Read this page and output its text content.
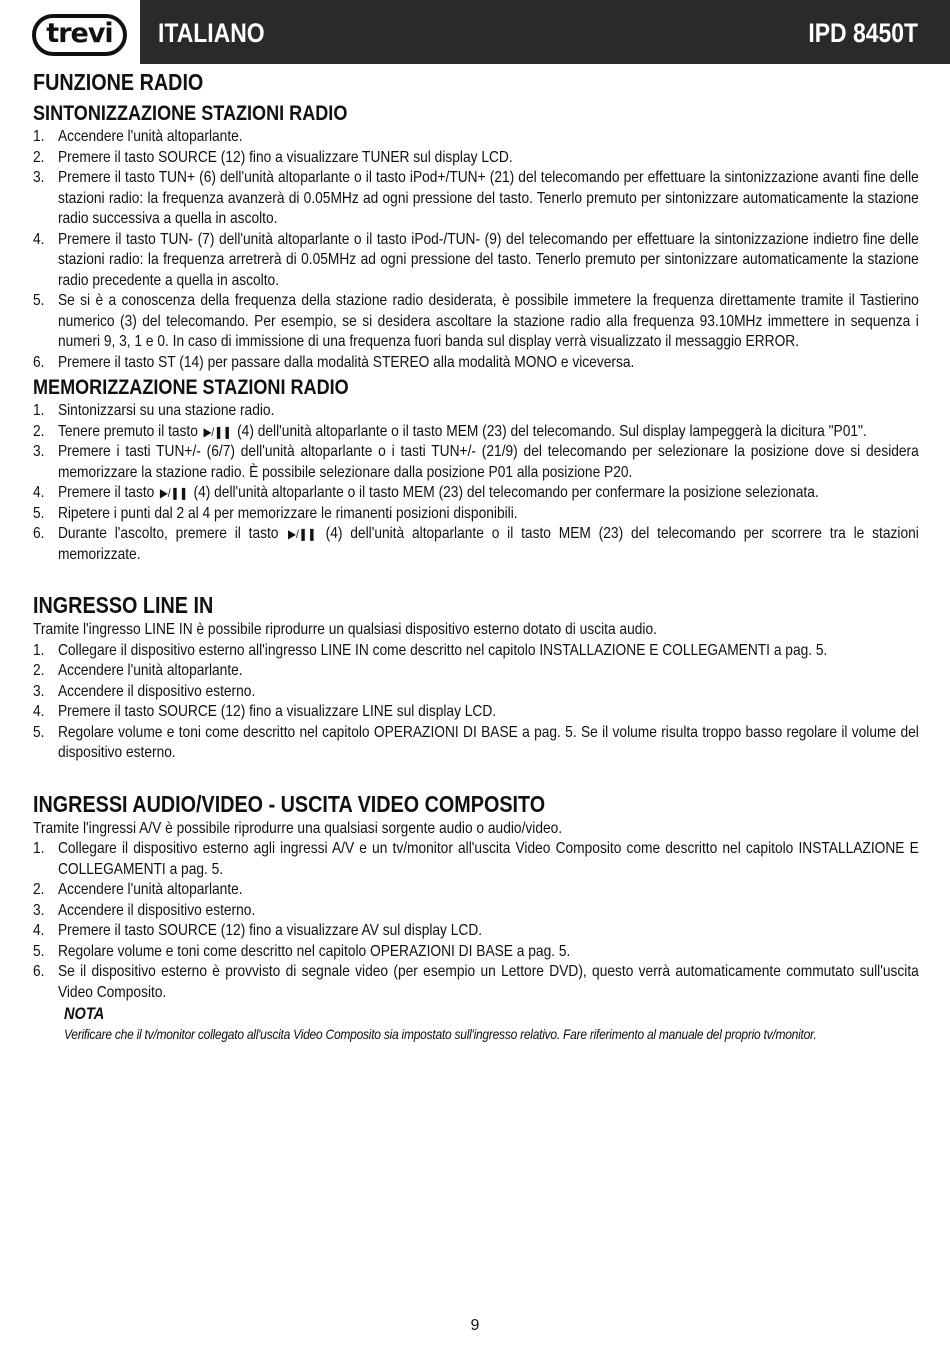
trevi ITALIANO	IPD 8450T
FUNZIONE RADIO
SINTONIZZAZIONE STAZIONI RADIO
1. Accendere l'unità altoparlante.
2. Premere il tasto SOURCE (12) fino a visualizzare TUNER sul display LCD.
3. Premere il tasto TUN+ (6) dell'unità altoparlante o il tasto iPod+/TUN+ (21) del telecomando per effettuare la sintonizzazione avanti fine delle stazioni radio: la frequenza avanzerà di 0.05MHz ad ogni pressione del tasto. Tenerlo premuto per sintonizzare automaticamente la stazione radio successiva a quella in ascolto.
4. Premere il tasto TUN- (7) dell'unità altoparlante o il tasto iPod-/TUN- (9) del telecomando per effettuare la sintonizzazione indietro fine delle stazioni radio: la frequenza arretrerà di 0.05MHz ad ogni pressione del tasto. Tenerlo premuto per sintonizzare automaticamente la stazione radio precedente a quella in ascolto.
5. Se si è a conoscenza della frequenza della stazione radio desiderata, è possibile immetere la frequenza direttamente tramite il Tastierino numerico (3) del telecomando. Per esempio, se si desidera ascoltare la stazione radio alla frequenza 93.10MHz immettere in sequenza i numeri 9, 3, 1 e 0. In caso di immissione di una frequenza fuori banda sul display verrà visualizzato il messaggio ERROR.
6. Premere il tasto ST (14) per passare dalla modalità STEREO alla modalità MONO e viceversa.
MEMORIZZAZIONE STAZIONI RADIO
1. Sintonizzarsi su una stazione radio.
2. Tenere premuto il tasto ▶/❚❚ (4) dell'unità altoparlante o il tasto MEM (23) del telecomando. Sul display lampeggerà la dicitura "P01".
3. Premere i tasti TUN+/- (6/7) dell'unità altoparlante o i tasti TUN+/- (21/9) del telecomando per selezionare la posizione dove si desidera memorizzare la stazione radio. È possibile selezionare dalla posizione P01 alla posizione P20.
4. Premere il tasto ▶/❚❚ (4) dell'unità altoparlante o il tasto MEM (23) del telecomando per confermare la posizione selezionata.
5. Ripetere i punti dal 2 al 4 per memorizzare le rimanenti posizioni disponibili.
6. Durante l'ascolto, premere il tasto ▶/❚❚ (4) dell'unità altoparlante o il tasto MEM (23) del telecomando per scorrere tra le stazioni memorizzate.
INGRESSO LINE IN

Tramite l'ingresso LINE IN è possibile riprodurre un qualsiasi dispositivo esterno dotato di uscita audio.

1. Collegare il dispositivo esterno all'ingresso LINE IN come descritto nel capitolo INSTALLAZIONE E COLLEGAMENTI a pag. 5.
2. Accendere l'unità altoparlante.
3. Accendere il dispositivo esterno.
4. Premere il tasto SOURCE (12) fino a visualizzare LINE sul display LCD.
5. Regolare volume e toni come descritto nel capitolo OPERAZIONI DI BASE a pag. 5. Se il volume risulta troppo basso regolare il volume del dispositivo esterno.
INGRESSI AUDIO/VIDEO - USCITA VIDEO COMPOSITO

Tramite l'ingressi A/V è possibile riprodurre una qualsiasi sorgente audio o audio/video.

1. Collegare il dispositivo esterno agli ingressi A/V e un tv/monitor all'uscita Video Composito come descritto nel capitolo INSTALLAZIONE E COLLEGAMENTI a pag. 5.
2. Accendere l'unità altoparlante.
3. Accendere il dispositivo esterno.
4. Premere il tasto SOURCE (12) fino a visualizzare AV sul display LCD.
5. Regolare volume e toni come descritto nel capitolo OPERAZIONI DI BASE a pag. 5.
6. Se il dispositivo esterno è provvisto di segnale video (per esempio un Lettore DVD), questo verrà automaticamente commutato sull'uscita Video Composito.
NOTA
Verificare che il tv/monitor collegato all'uscita Video Composito sia impostato sull'ingresso relativo. Fare riferimento al manuale del proprio tv/monitor.
9
